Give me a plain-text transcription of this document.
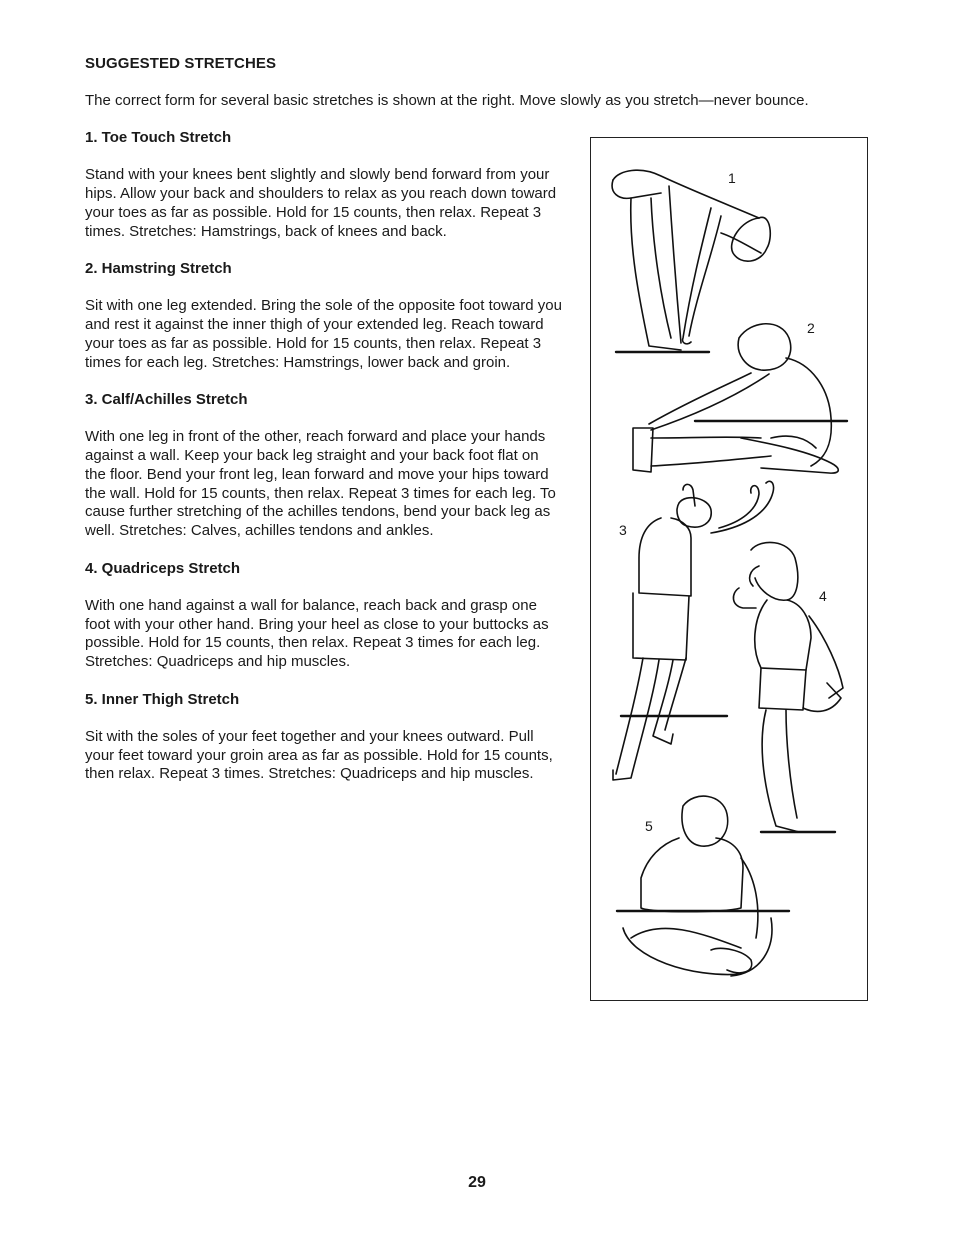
SUGGESTED STRETCHES
The correct form for several basic stretches is shown at the right. Move slowly as you stretch—never bounce.

1. Toe Touch Stretch

Stand with your knees bent slightly and slowly bend forward from your hips. Allow your back and shoulders to relax as you reach down toward your toes as far as possible. Hold for 15 counts, then relax. Repeat 3 times. Stretches: Hamstrings, back of knees and back.

2. Hamstring Stretch

Sit with one leg extended. Bring the sole of the opposite foot toward you and rest it against the inner thigh of your extended leg. Reach toward your toes as far as possible. Hold for 15 counts, then relax. Repeat 3 times for each leg. Stretches: Hamstrings, lower back and groin.

3. Calf/Achilles Stretch

With one leg in front of the other, reach forward and place your hands against a wall. Keep your back leg straight and your back foot flat on the floor. Bend your front leg, lean forward and move your hips toward the wall. Hold for 15 counts, then relax. Repeat 3 times for each leg. To cause further stretching of the achilles tendons, bend your back leg as well. Stretches: Calves, achilles tendons and ankles.

4. Quadriceps Stretch

With one hand against a wall for balance, reach back and grasp one foot with your other hand. Bring your heel as close to your buttocks as possible. Hold for 15 counts, then relax. Repeat 3 times for each leg. Stretches: Quadriceps and hip muscles.

5. Inner Thigh Stretch

Sit with the soles of your feet together and your knees outward. Pull your feet toward your groin area as far as possible. Hold for 15 counts, then relax. Repeat 3 times. Stretches: Quadriceps and hip muscles.

1
2
3
4
5
29
